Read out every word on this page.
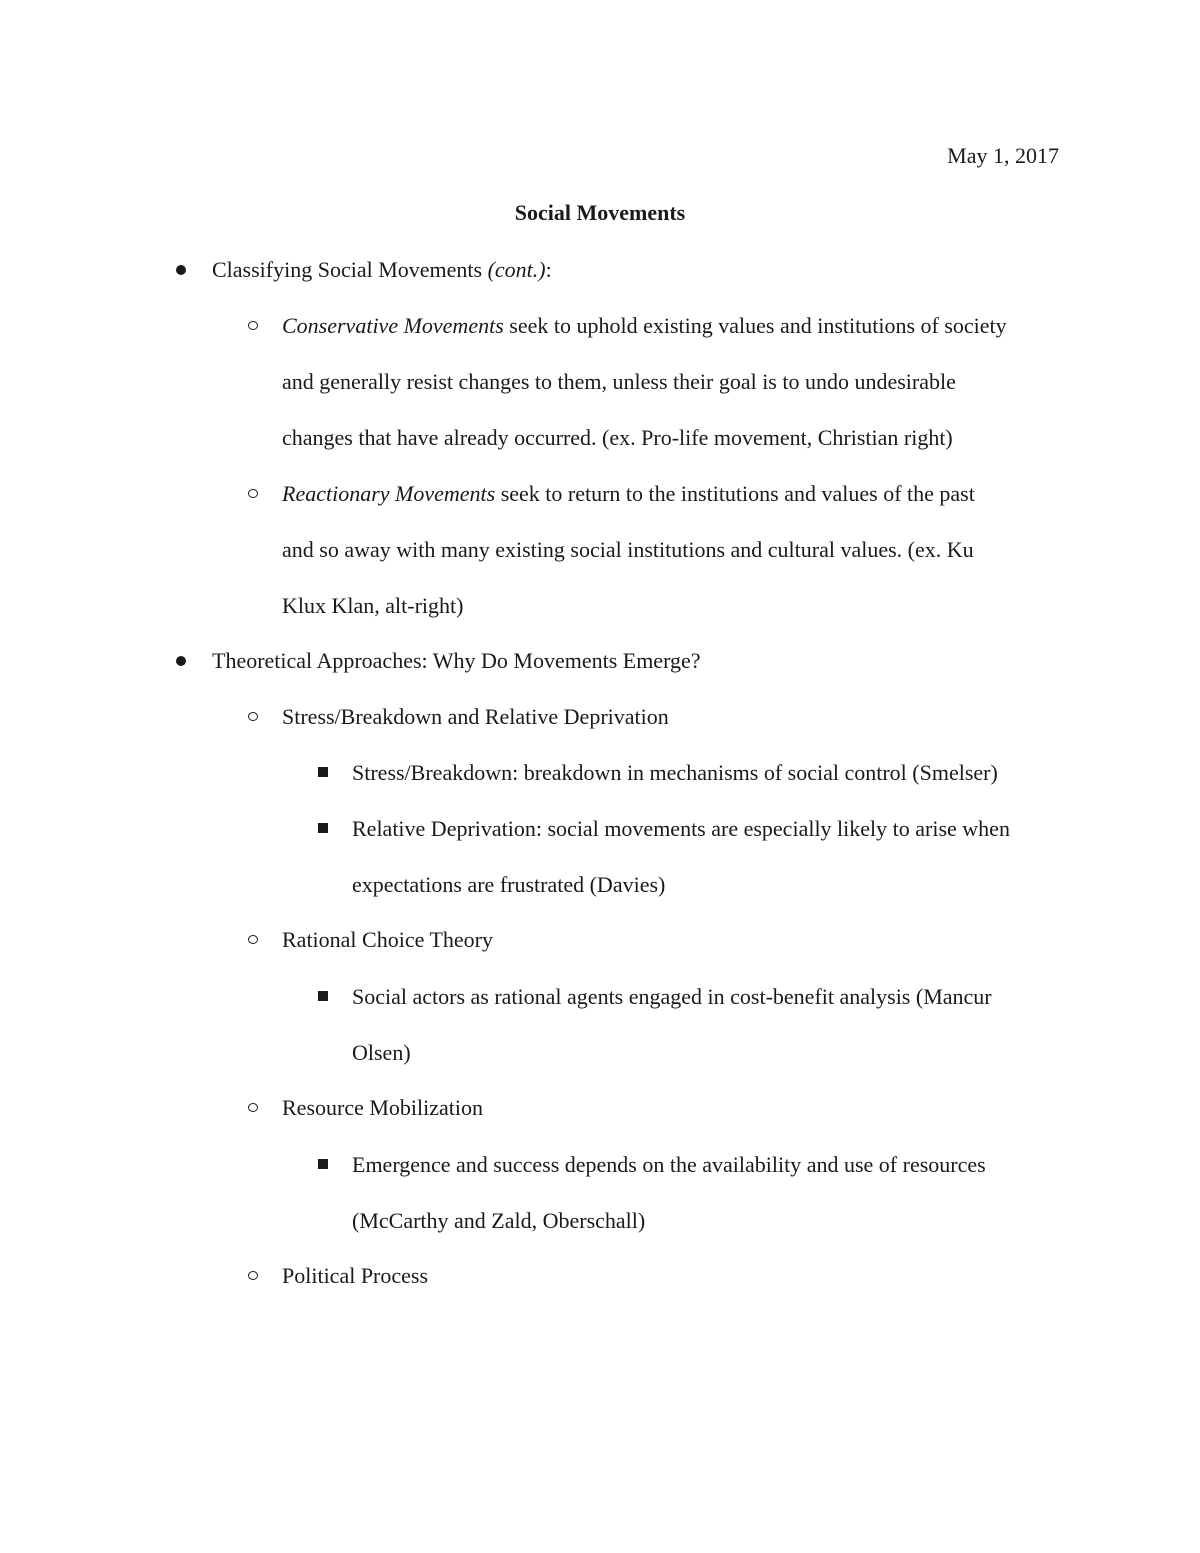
May 1, 2017
Social Movements
Classifying Social Movements (cont.):
Conservative Movements seek to uphold existing values and institutions of society
and generally resist changes to them, unless their goal is to undo undesirable
changes that have already occurred. (ex. Pro-life movement, Christian right)
Reactionary Movements seek to return to the institutions and values of the past
and so away with many existing social institutions and cultural values. (ex. Ku
Klux Klan, alt-right)
Theoretical Approaches: Why Do Movements Emerge?
Stress/Breakdown and Relative Deprivation
Stress/Breakdown: breakdown in mechanisms of social control (Smelser)
Relative Deprivation: social movements are especially likely to arise when
expectations are frustrated (Davies)
Rational Choice Theory
Social actors as rational agents engaged in cost-benefit analysis (Mancur
Olsen)
Resource Mobilization
Emergence and success depends on the availability and use of resources
(McCarthy and Zald, Oberschall)
Political Process
